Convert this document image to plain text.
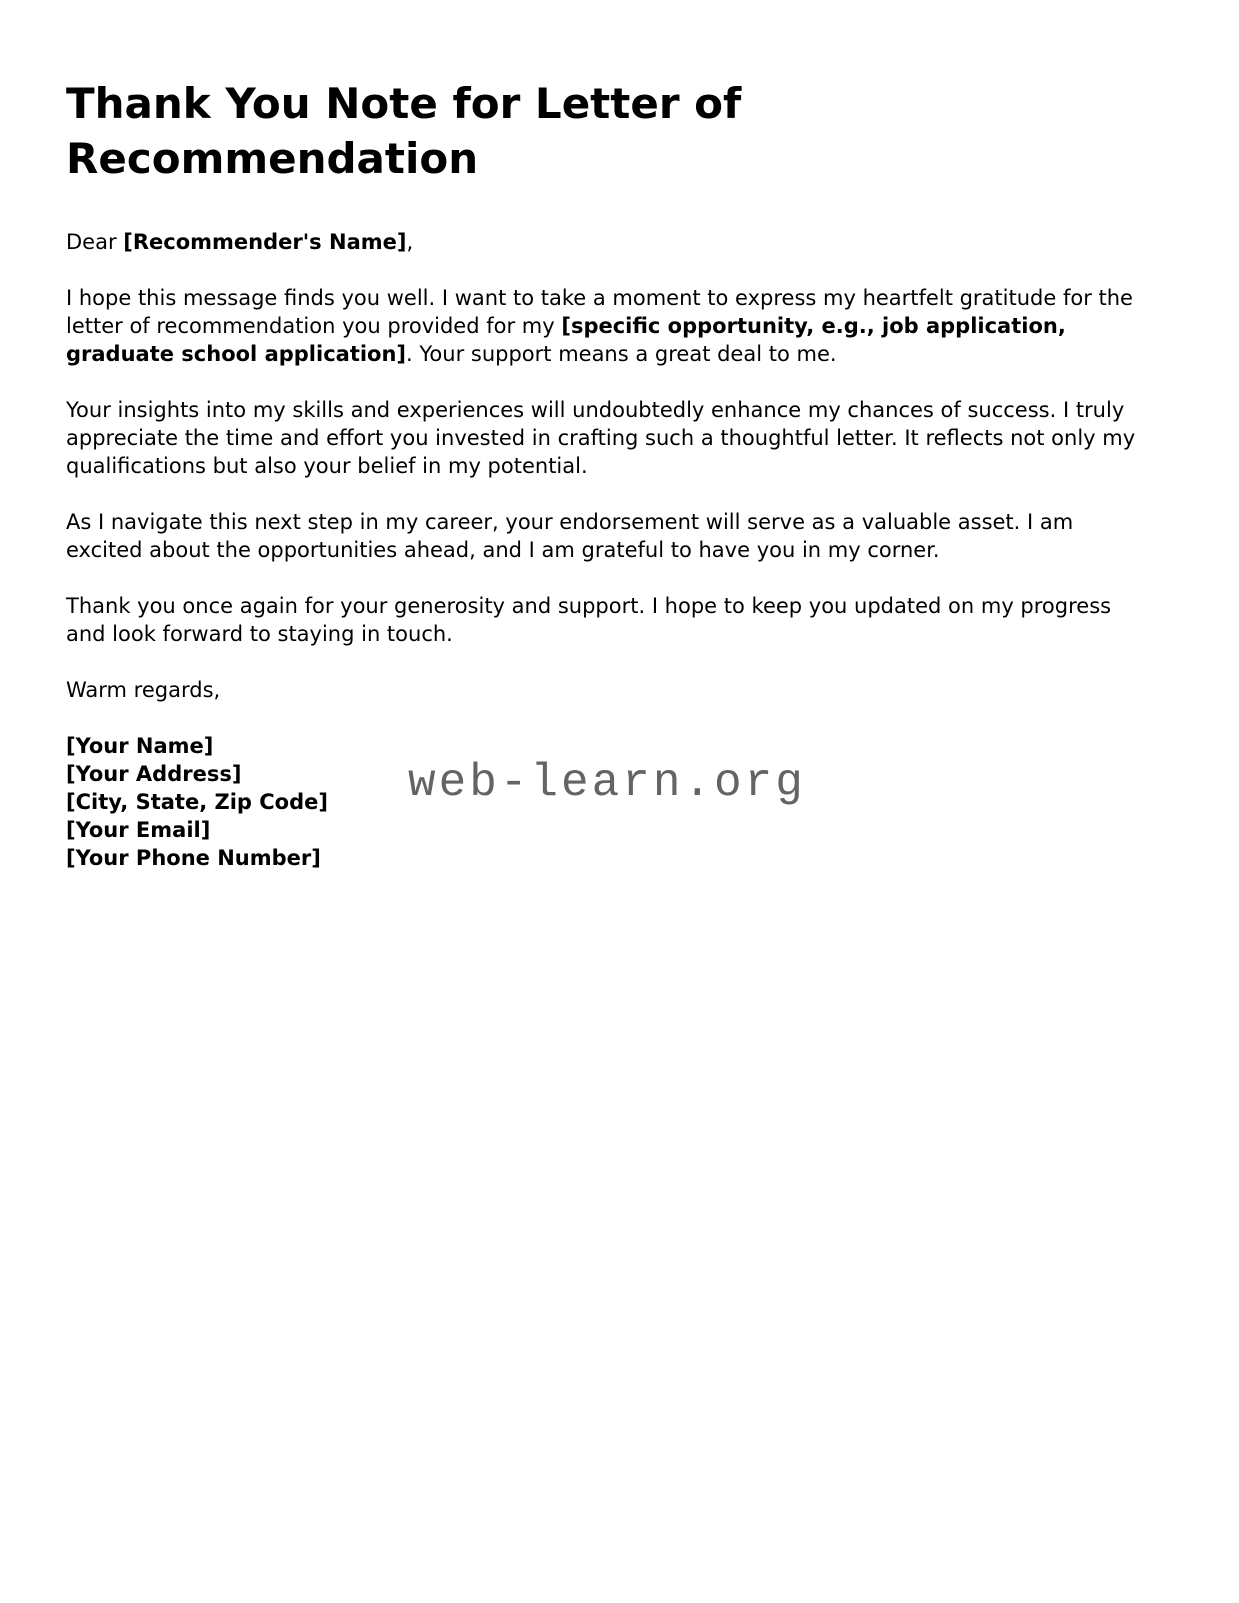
Thank You Note for Letter of Recommendation

Dear [Recommender's Name],

I hope this message finds you well. I want to take a moment to express my heartfelt gratitude for the letter of recommendation you provided for my [specific opportunity, e.g., job application, graduate school application]. Your support means a great deal to me.

Your insights into my skills and experiences will undoubtedly enhance my chances of success. I truly appreciate the time and effort you invested in crafting such a thoughtful letter. It reflects not only my qualifications but also your belief in my potential.

As I navigate this next step in my career, your endorsement will serve as a valuable asset. I am excited about the opportunities ahead, and I am grateful to have you in my corner.

Thank you once again for your generosity and support. I hope to keep you updated on my progress and look forward to staying in touch.

Warm regards,

[Your Name]
[Your Address]
[City, State, Zip Code]
[Your Email]
[Your Phone Number]

web-learn.org
